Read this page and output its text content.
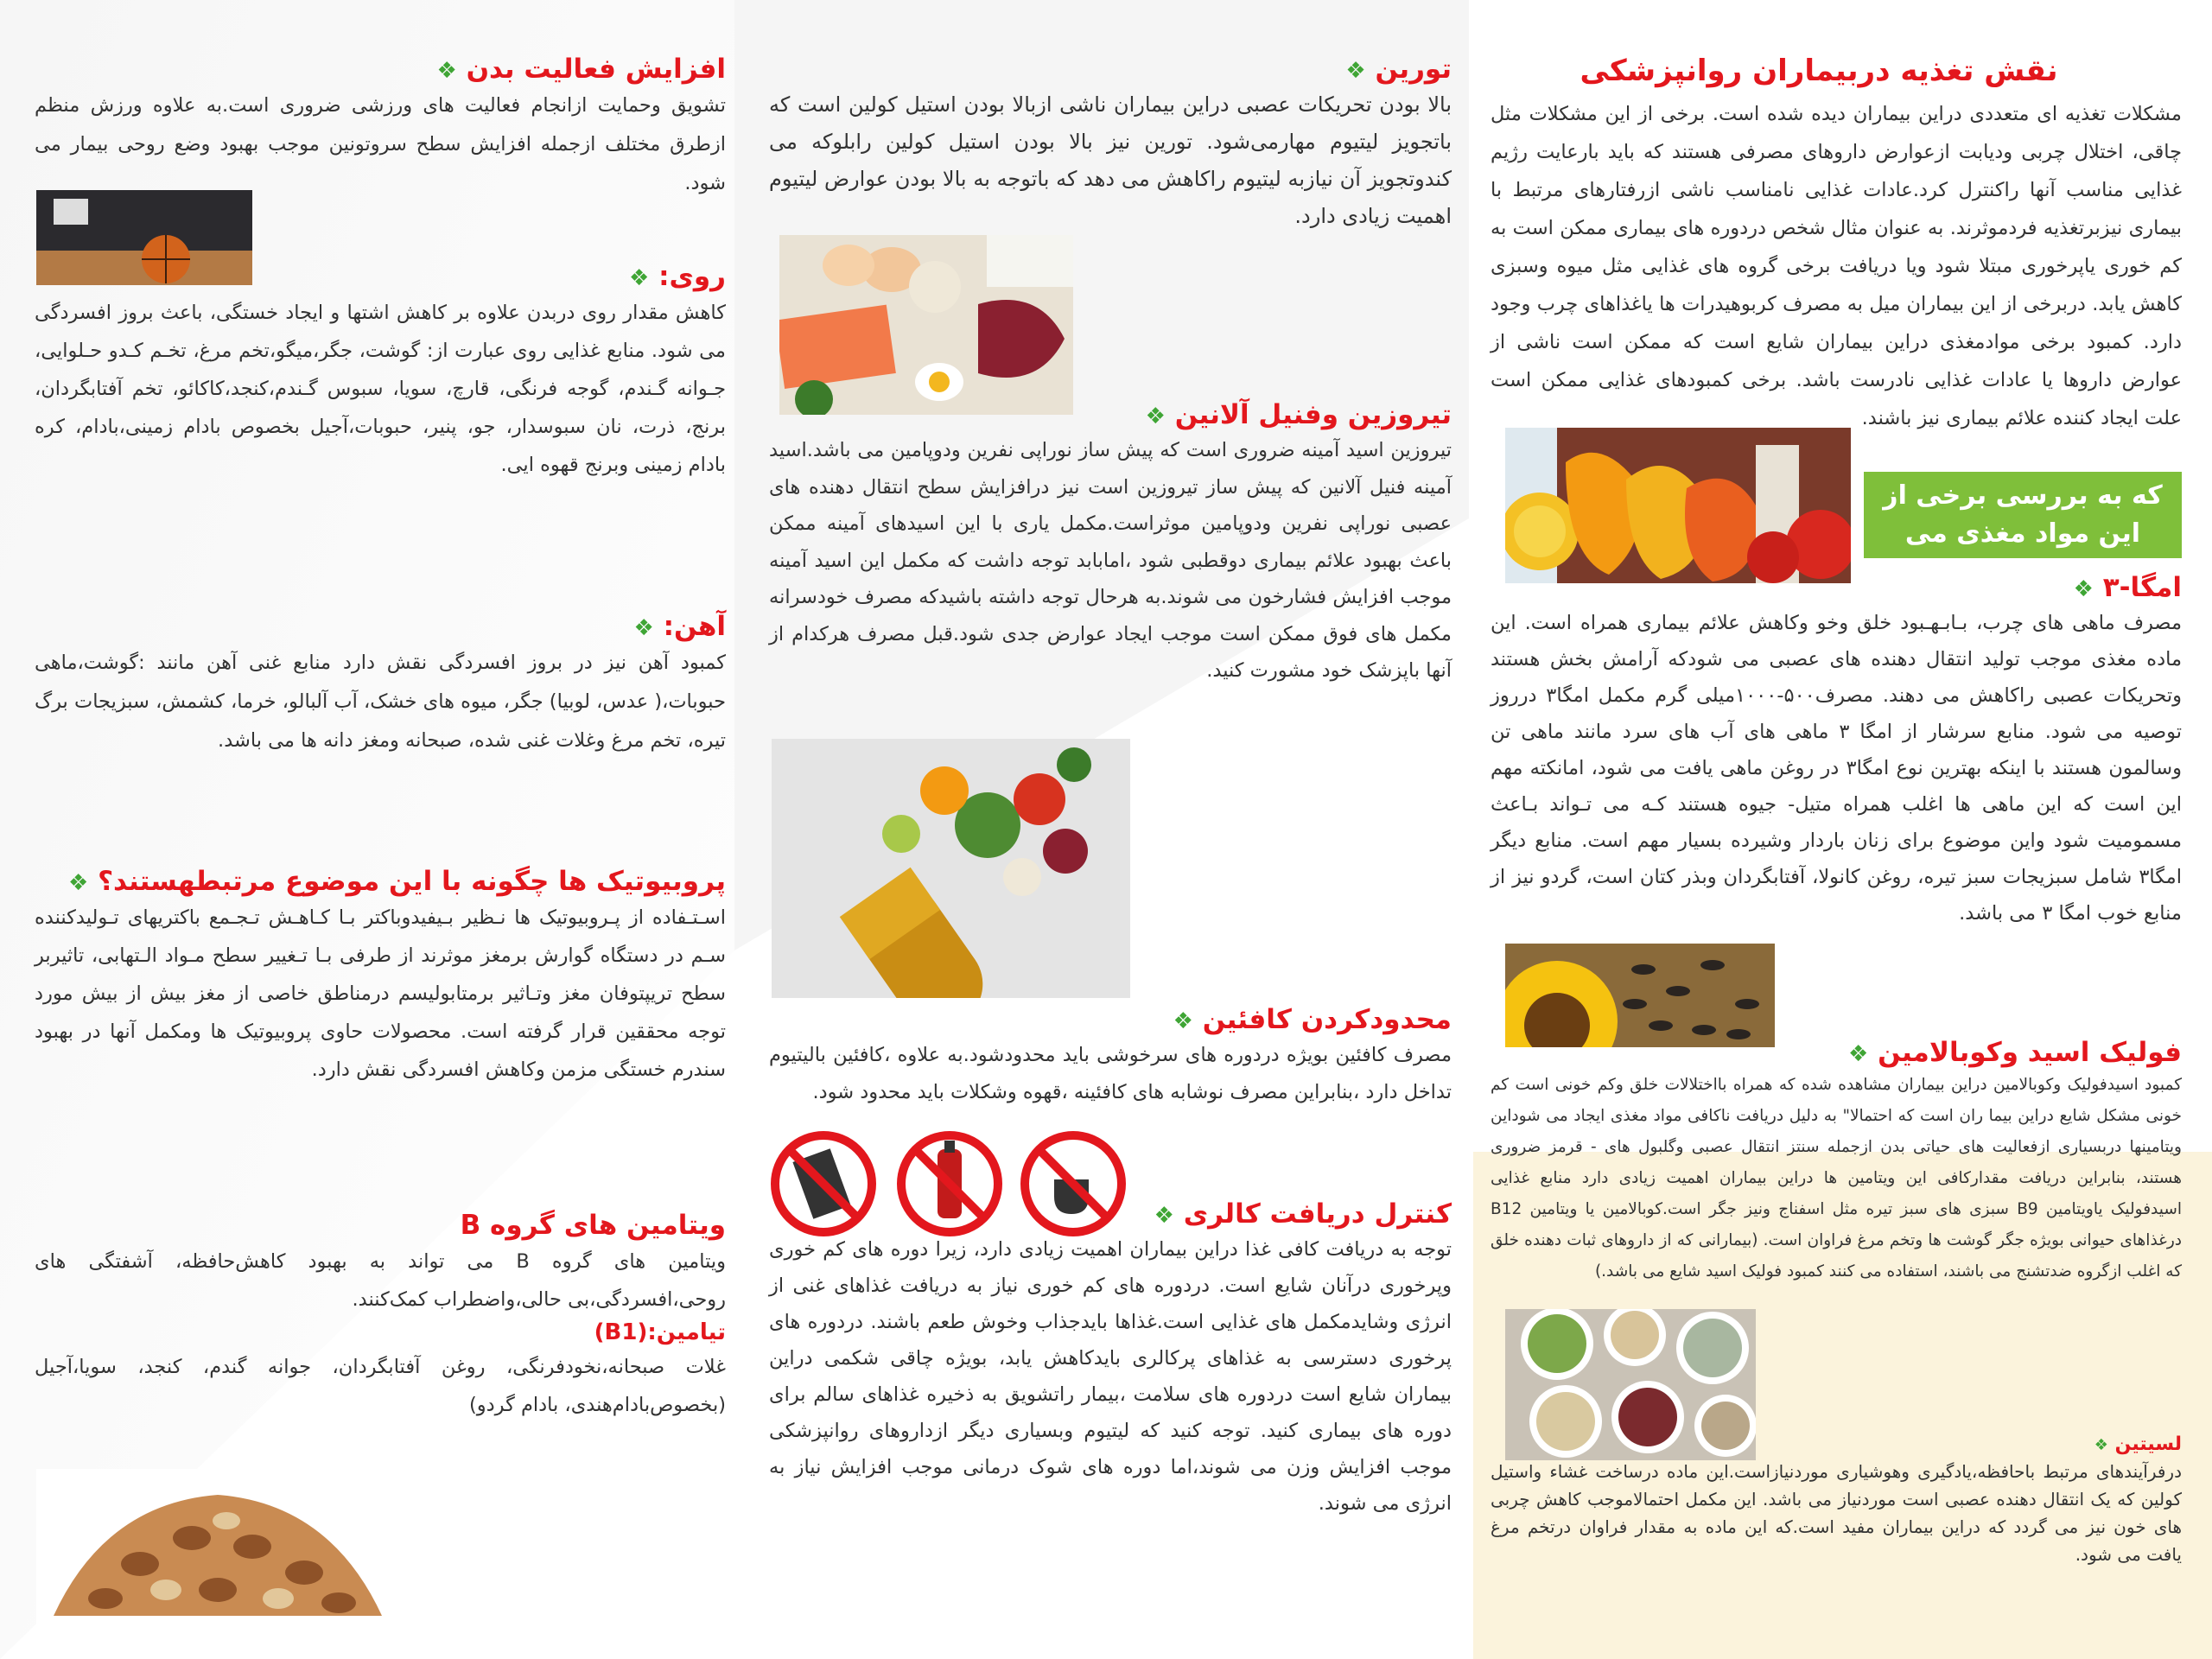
نقش تغذیه دربیماران روانپزشکی

مشکلات تغذیه ای متعددی دراین بیماران دیده شده است. برخی از این مشکلات مثل چاقی، اختلال چربی ودیابت ازعوارض داروهای مصرفی هستند که باید بارعایت رژیم غذایی مناسب آنها راکنترل کرد.عادات غذایی نامناسب ناشی ازرفتارهای مرتبط با بیماری نیزبرتغذیه فردموثرند. به عنوان مثال شخص دردوره های بیماری ممکن است به کم خوری یاپرخوری مبتلا شود ویا دریافت برخی گروه های غذایی مثل میوه وسبزی کاهش یابد. دربرخی از این بیماران میل به مصرف کربوهیدرات ها یاغذاهای چرب وجود دارد. کمبود برخی موادمغذی دراین بیماران شایع است که ممکن است ناشی از عوارض داروها یا عادات غذایی نادرست باشد. برخی کمبودهای غذایی ممکن است علت ایجاد کننده علائم بیماری نیز باشند.

که به بررسی برخی از این مواد مغذی می پردازیم"
امگا-۳ ❖

مصرف ماهی های چرب، بـابـهـبود خلق وخو وکاهش علائم بیماری همراه است. این ماده مغذی موجب تولید انتقال دهنده های عصبی می شودکه آرامش بخش هستند وتحریکات عصبی راکاهش می دهند. مصرف۵۰۰-۱۰۰۰میلی گرم مکمل امگا۳ درروز توصیه می شود. منابع سرشار از امگا ۳ ماهی های آب های سرد مانند ماهی تن وسالمون هستند با اینکه بهترین نوع امگا۳ در روغن ماهی یافت می شود، امانکته مهم این است که این ماهی ها اغلب همراه متیل- جیوه هستند کـه می تـواند بـاعث مسمومیت شود واین موضوع برای زنان باردار وشیرده بسیار مهم است. منابع دیگر امگا۳ شامل سبزیجات سبز تیره، روغن کانولا، آفتابگردان وبذر کتان است، گردو نیز از منابع خوب امگا ۳ می باشد.

فولیک اسید وکوبالامین ❖

کمبود اسیدفولیک وکوبالامین دراین بیماران مشاهده شده که همراه بااختلالات خلق وکم خونی است کم خونی مشکل شایع دراین بیما ران است که احتمالا" به دلیل دریافت ناکافی مواد مغذی ایجاد می شوداین ویتامینها دربسیاری ازفعالیت های حیاتی بدن ازجمله سنتز انتقال عصبی وگلبول های - قرمز ضروری هستند، بنابراین دریافت مقدارکافی این ویتامین ها دراین بیماران اهمیت زیادی دارد منابع غذایی اسیدفولیک یاویتامین B9 سبزی های سبز تیره مثل اسفناج ونیز جگر است.کوبالامین یا ویتامین B12 درغذاهای حیوانی بویژه جگر گوشت ها وتخم مرغ فراوان است. (بیمارانی که از داروهای ثبات دهنده خلق که اغلب ازگروه ضدتشنج می باشند، استفاده می کنند کمبود فولیک اسید شایع می باشد.)

لسیتین ❖

درفرآیندهای مرتبط باحافظه،یادگیری وهوشیاری موردنیازاست.این ماده درساخت غشاء واستیل کولین که یک انتقال دهنده عصبی است موردنیاز می باشد. این مکمل احتمالاموجب کاهش چربی های خون نیز می گردد که دراین بیماران مفید است.که این ماده به مقدار فراوان درتخم مرغ یافت می شود.

تورین ❖

بالا بودن تحریکات عصبی دراین بیماران ناشی ازبالا بودن استیل کولین است که باتجویز لیتیوم مهارمی‌شود. تورین نیز بالا بودن استیل کولین رابلوکه می کندوتجویز آن نیازبه لیتیوم راکاهش می دهد که باتوجه به بالا بودن عوارض لیتیوم اهمیت زیادی دارد.

تیروزین وفنیل آلانین ❖

تیروزین اسید آمینه ضروری است که پیش ساز نوراپی نفرین ودوپامین می باشد.اسید آمینه فنیل آلانین که پیش ساز تیروزین است نیز درافزایش سطح انتقال دهنده های عصبی نوراپی نفرین ودوپامین موثراست.مکمل یاری با این اسیدهای آمینه ممکن باعث بهبود علائم بیماری دوقطبی شود ،امابابد توجه داشت که مکمل این اسید آمینه موجب افزایش فشارخون می شوند.به هرحال توجه داشته باشیدکه مصرف خودسرانه مکمل های فوق ممکن است موجب ایجاد عوارض جدی شود.قبل مصرف هرکدام از آنها باپزشک خود مشورت کنید.

محدودکردن کافئین ❖

مصرف کافئین بویژه دردوره های سرخوشی باید محدودشود.به علاوه ،کافئین بالیتیوم تداخل دارد ،بنابراین مصرف نوشابه های کافئینه ،قهوه وشکلات باید محدود شود.

کنترل دریافت کالری ❖

توجه به دریافت کافی غذا دراین بیماران اهمیت زیادی دارد، زیرا دوره های کم خوری وپرخوری درآنان شایع است. دردوره های کم خوری نیاز به دریافت غذاهای غنی از انرژی وشایدمکمل های غذایی است.غذاها بایدجذاب وخوش طعم باشند. دردوره های پرخوری دسترسی به غذاهای پرکالری بایدکاهش یابد، بویژه چاقی شکمی دراین بیماران شایع است دردوره های سلامت ،بیمار راتشویق به ذخیره غذاهای سالم برای دوره های بیماری کنید. توجه کنید که لیتیوم وبسیاری دیگر ازداروهای روانپزشکی موجب افزایش وزن می شوند،اما دوره های شوک درمانی موجب افزایش نیاز به انرژی می شوند.

افزایش فعالیت بدن ❖

تشویق وحمایت ازانجام فعالیت های ورزشی ضروری است.به علاوه ورزش منظم ازطرق مختلف ازجمله افزایش سطح سروتونین موجب بهبود وضع روحی بیمار می شود.

روی: ❖

کاهش مقدار روی دربدن علاوه بر کاهش اشتها و ایجاد خستگی، باعث بروز افسردگی می شود. منابع غذایی روی عبارت از: گوشت، جگر،میگو،تخم مرغ، تخـم کـدو حـلوایی، جـوانه گـندم، گوجه فرنگی، قارچ، سویا، سبوس گـندم،کنجد،کاکائو، تخم آفتابگردان، برنج، ذرت، نان سبوسدار، جو، پنیر، حبوبات،آجیل بخصوص بادام زمینی،بادام، کره بادام زمینی وبرنج قهوه ایی.

آهن: ❖

کمبود آهن نیز در بروز افسردگی نقش دارد منابع غنی آهن مانند :گوشت،ماهی حبوبات،( عدس، لوبیا) جگر، میوه های خشک، آب آلبالو، خرما، کشمش، سبزیجات برگ تیره، تخم مرغ وغلات غنی شده، صبحانه ومغز دانه ها می باشد.

پروبیوتیک ها چگونه با این موضوع مرتبطهستند؟ ❖

اسـتـفاده از پـروبیوتیک ها نـظیر بـیفیدوباکتر بـا کـاهـش تـجـمع باکتریهای تـولیدکننده سـم در دستگاه گوارش برمغز موثرند از طرفی بـا تـغییر سطح مـواد الـتهابی، تاثیربر سطح تریپتوفان مغز وتـاثیر برمتابولیسم درمناطق خاصی از مغز بیش از بیش مورد توجه محققین قرار گرفته است. محصولات حاوی پروبیوتیک ها ومکمل آنها در بهبود سندرم خستگی مزمن وکاهش افسردگی نقش دارد.

ویتامین های گروه B

ویتامین های گروه B می تواند به بهبود کاهش‌حافظه، آشفتگی های روحی،افسردگی،بی حالی،واضطراب کمک‌کنند.

تیامین:(B1)

غلات صبحانه،نخودفرنگی، روغن آفتابگردان، جوانه گندم، کنجد، سویا،آجیل (بخصوص‌بادام‌هندی، بادام‌ گردو)
